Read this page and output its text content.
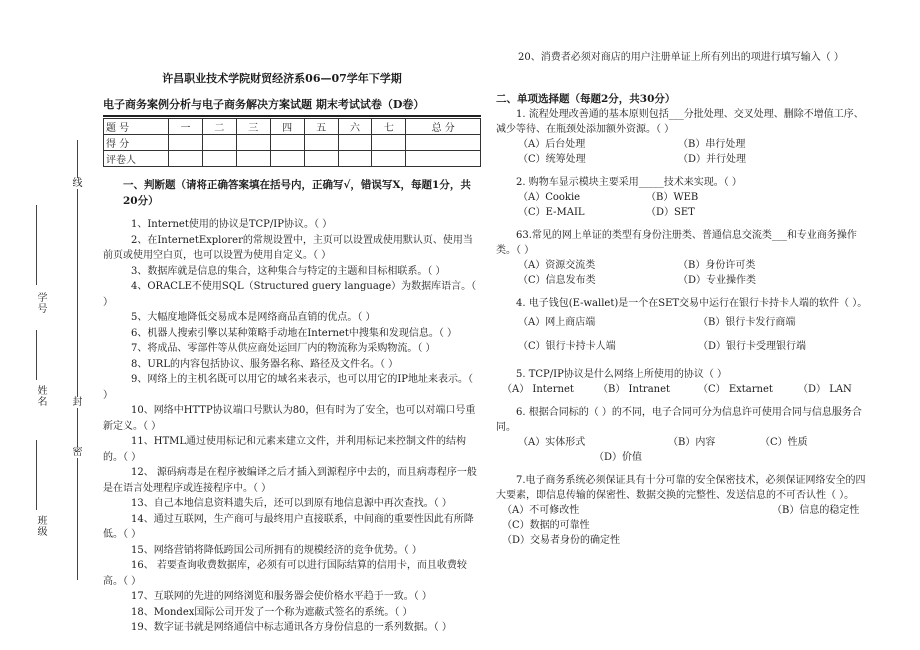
线
封
密
学号
姓名
班级
许昌职业技术学院财贸经济系06—07学年下学期
电子商务案例分析与电子商务解决方案试题 期末考试试卷（D卷）
题 号	一	二	三	四	五	六	七	总 分
得 分								
评卷人								
一、判断题（请将正确答案填在括号内，正确写√，错误写X，每题1分，共20分）
1、Internet使用的协议是TCP/IP协议。（ ）
2、在InternetExplorer的常规设置中，主页可以设置成使用默认页、使用当前页或使用空白页，也可以设置为使用自定义。（ ）
3、数据库就是信息的集合，这种集合与特定的主题和目标相联系。（ ）
4、ORACLE不使用SQL（Structured guery language）为数据库语言。（ ）
5、大幅度地降低交易成本是网络商品直销的优点。（ ）
6、机器人搜索引擎以某种策略手动地在Internet中搜集和发现信息。（ ）
7、将成品、零部件等从供应商处运回厂内的物流称为采购物流。（ ）
8、URL的内容包括协议、服务器名称、路径及文件名。（ ）
9、网络上的主机名既可以用它的域名来表示，也可以用它的IP地址来表示。（ ）
10、网络中HTTP协议端口号默认为80，但有时为了安全，也可以对端口号重新定义。（ ）
11、HTML通过使用标记和元素来建立文件，并利用标记来控制文件的结构的。（ ）
12、 源码病毒是在程序被编译之后才插入到源程序中去的，而且病毒程序一般是在语言处理程序或连接程序中。（ ）
13、自己本地信息资料遗失后，还可以到原有地信息源中再次查找。（ ）
14、通过互联网，生产商可与最终用户直接联系，中间商的重要性因此有所降低。（ ）
15、网络营销将降低跨国公司所拥有的规模经济的竞争优势。（ ）
16、 若要查询收费数据库，必须有可以进行国际结算的信用卡，而且收费较高。（ ）
17、互联网的先进的网络浏览和服务器会使价格水平趋于一致。（ ）
18、Mondex国际公司开发了一个称为遮蔽式签名的系统。（ ）
19、数字证书就是网络通信中标志通讯各方身份信息的一系列数据。（ ）
20、消费者必须对商店的用户注册单证上所有列出的项进行填写输入（ ）
二、单项选择题（每题2分，共30分）
1. 流程处理改善通的基本原则包括___分批处理、交叉处理、删除不增值工序、减少等待、在瓶颈处添加额外资源。（ ）
（A）后台处理	（B）串行处理
（C）统筹处理	（D）并行处理
2. 购物车显示模块主要采用_____技术来实现。（ ）
（A）Cookie	（B）WEB
（C）E-MAIL	（D）SET
63.常见的网上单证的类型有身份注册类、普通信息交流类___和专业商务操作类。（ ）
（A）资源交流类	（B）身份许可类
（C）信息发布类	（D）专业操作类
4. 电子钱包(E-wallet)是一个在SET交易中运行在银行卡持卡人端的软件（ ）。
（A）网上商店端	（B）银行卡发行商端
（C）银行卡持卡人端	（D）银行卡受理银行端
5. TCP/IP协议是什么网络上所使用的协议（ ）
（A） Internet	（B） Intranet	（C） Extarnet	（D） LAN
6. 根据合同标的（ ）的不同，电子合同可分为信息许可使用合同与信息服务合同。
（A）实体形式	（B）内容	（C）性质
（D）价值
7.电子商务系统必须保证具有十分可靠的安全保密技术，必须保证网络安全的四大要素，即信息传输的保密性、数据交换的完整性、发送信息的不可否认性（ ）。
（A）不可修改性	（B）信息的稳定性
（C）数据的可靠性
（D）交易者身份的确定性
